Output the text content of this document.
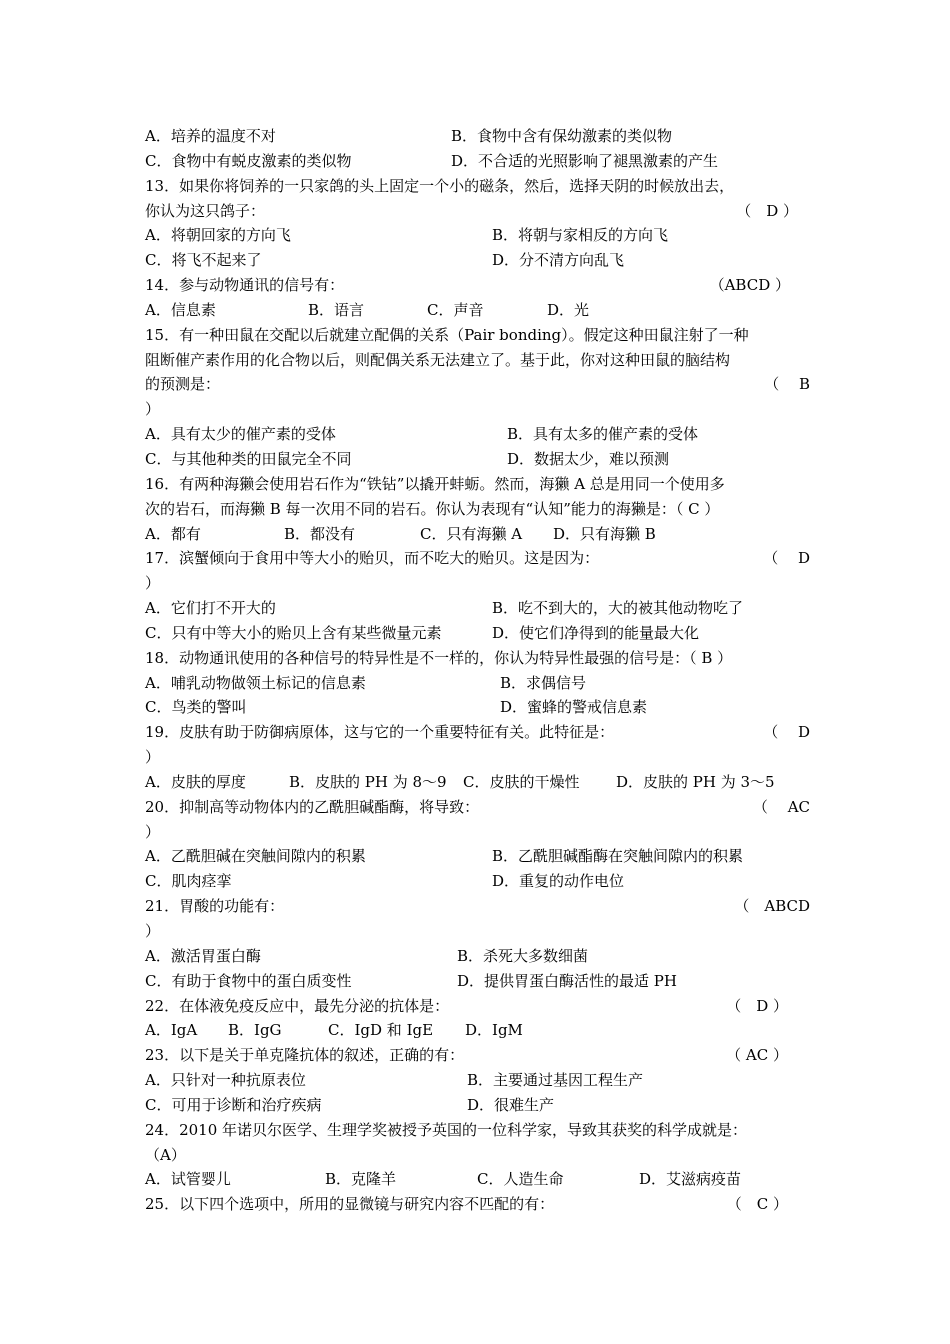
A．培养的温度不对	B．食物中含有保幼激素的类似物
C．食物中有蜕皮激素的类似物	D．不合适的光照影响了褪黑激素的产生
13．如果你将饲养的一只家鸽的头上固定一个小的磁条，然后，选择天阴的时候放出去，
你认为这只鸽子：	（　D ）
A．将朝回家的方向飞	B．将朝与家相反的方向飞
C．将飞不起来了	D．分不清方向乱飞
14．参与动物通讯的信号有：	（ABCD ）
A．信息素	B．语言	C．声音	D．光
15．有一种田鼠在交配以后就建立配偶的关系（Pair bonding）。假定这种田鼠注射了一种
阻断催产素作用的化合物以后，则配偶关系无法建立了。基于此，你对这种田鼠的脑结构
的预测是：	（　 B
）
A．具有太少的催产素的受体	B．具有太多的催产素的受体
C．与其他种类的田鼠完全不同	D．数据太少，难以预测
16．有两种海獭会使用岩石作为“铁钻”以撬开蚌蛎。然而，海獭 A 总是用同一个使用多
次的岩石，而海獭 B 每一次用不同的岩石。你认为表现有“认知”能力的海獭是：（ C ）
A．都有	B．都没有	C．只有海獭 A D．只有海獭 B
17．滨蟹倾向于食用中等大小的贻贝，而不吃大的贻贝。这是因为：	（　 D
）
A．它们打不开大的	B．吃不到大的，大的被其他动物吃了
C．只有中等大小的贻贝上含有某些微量元素	D．使它们净得到的能量最大化
18．动物通讯使用的各种信号的特异性是不一样的，你认为特异性最强的信号是：（ B ）
A．哺乳动物做领土标记的信息素	B．求偶信号
C．鸟类的警叫	D．蜜蜂的警戒信息素
19．皮肤有助于防御病原体，这与它的一个重要特征有关。此特征是：	（　 D
）
A．皮肤的厚度	B．皮肤的 PH 为 8～9 C．皮肤的干燥性 D．皮肤的 PH 为 3～5
20．抑制高等动物体内的乙酰胆碱酯酶，将导致：	（　 AC
）
A．乙酰胆碱在突触间隙内的积累	B．乙酰胆碱酯酶在突触间隙内的积累
C．肌肉痉挛	D．重复的动作电位
21．胃酸的功能有：	（　ABCD
）
A．激活胃蛋白酶	B．杀死大多数细菌
C．有助于食物中的蛋白质变性	D．提供胃蛋白酶活性的最适 PH
22．在体液免疫反应中，最先分泌的抗体是：	（　D ）
A．IgA B．IgG	C．IgD 和 IgE D．IgM
23．以下是关于单克隆抗体的叙述，正确的有：	（ AC ）
A．只针对一种抗原表位	B．主要通过基因工程生产
C．可用于诊断和治疗疾病	D．很难生产
24．2010 年诺贝尔医学、生理学奖被授予英国的一位科学家，导致其获奖的科学成就是：
（A）
A．试管婴儿	B．克隆羊	C．人造生命	D．艾滋病疫苗
25．以下四个选项中，所用的显微镜与研究内容不匹配的有：	（　C ）
